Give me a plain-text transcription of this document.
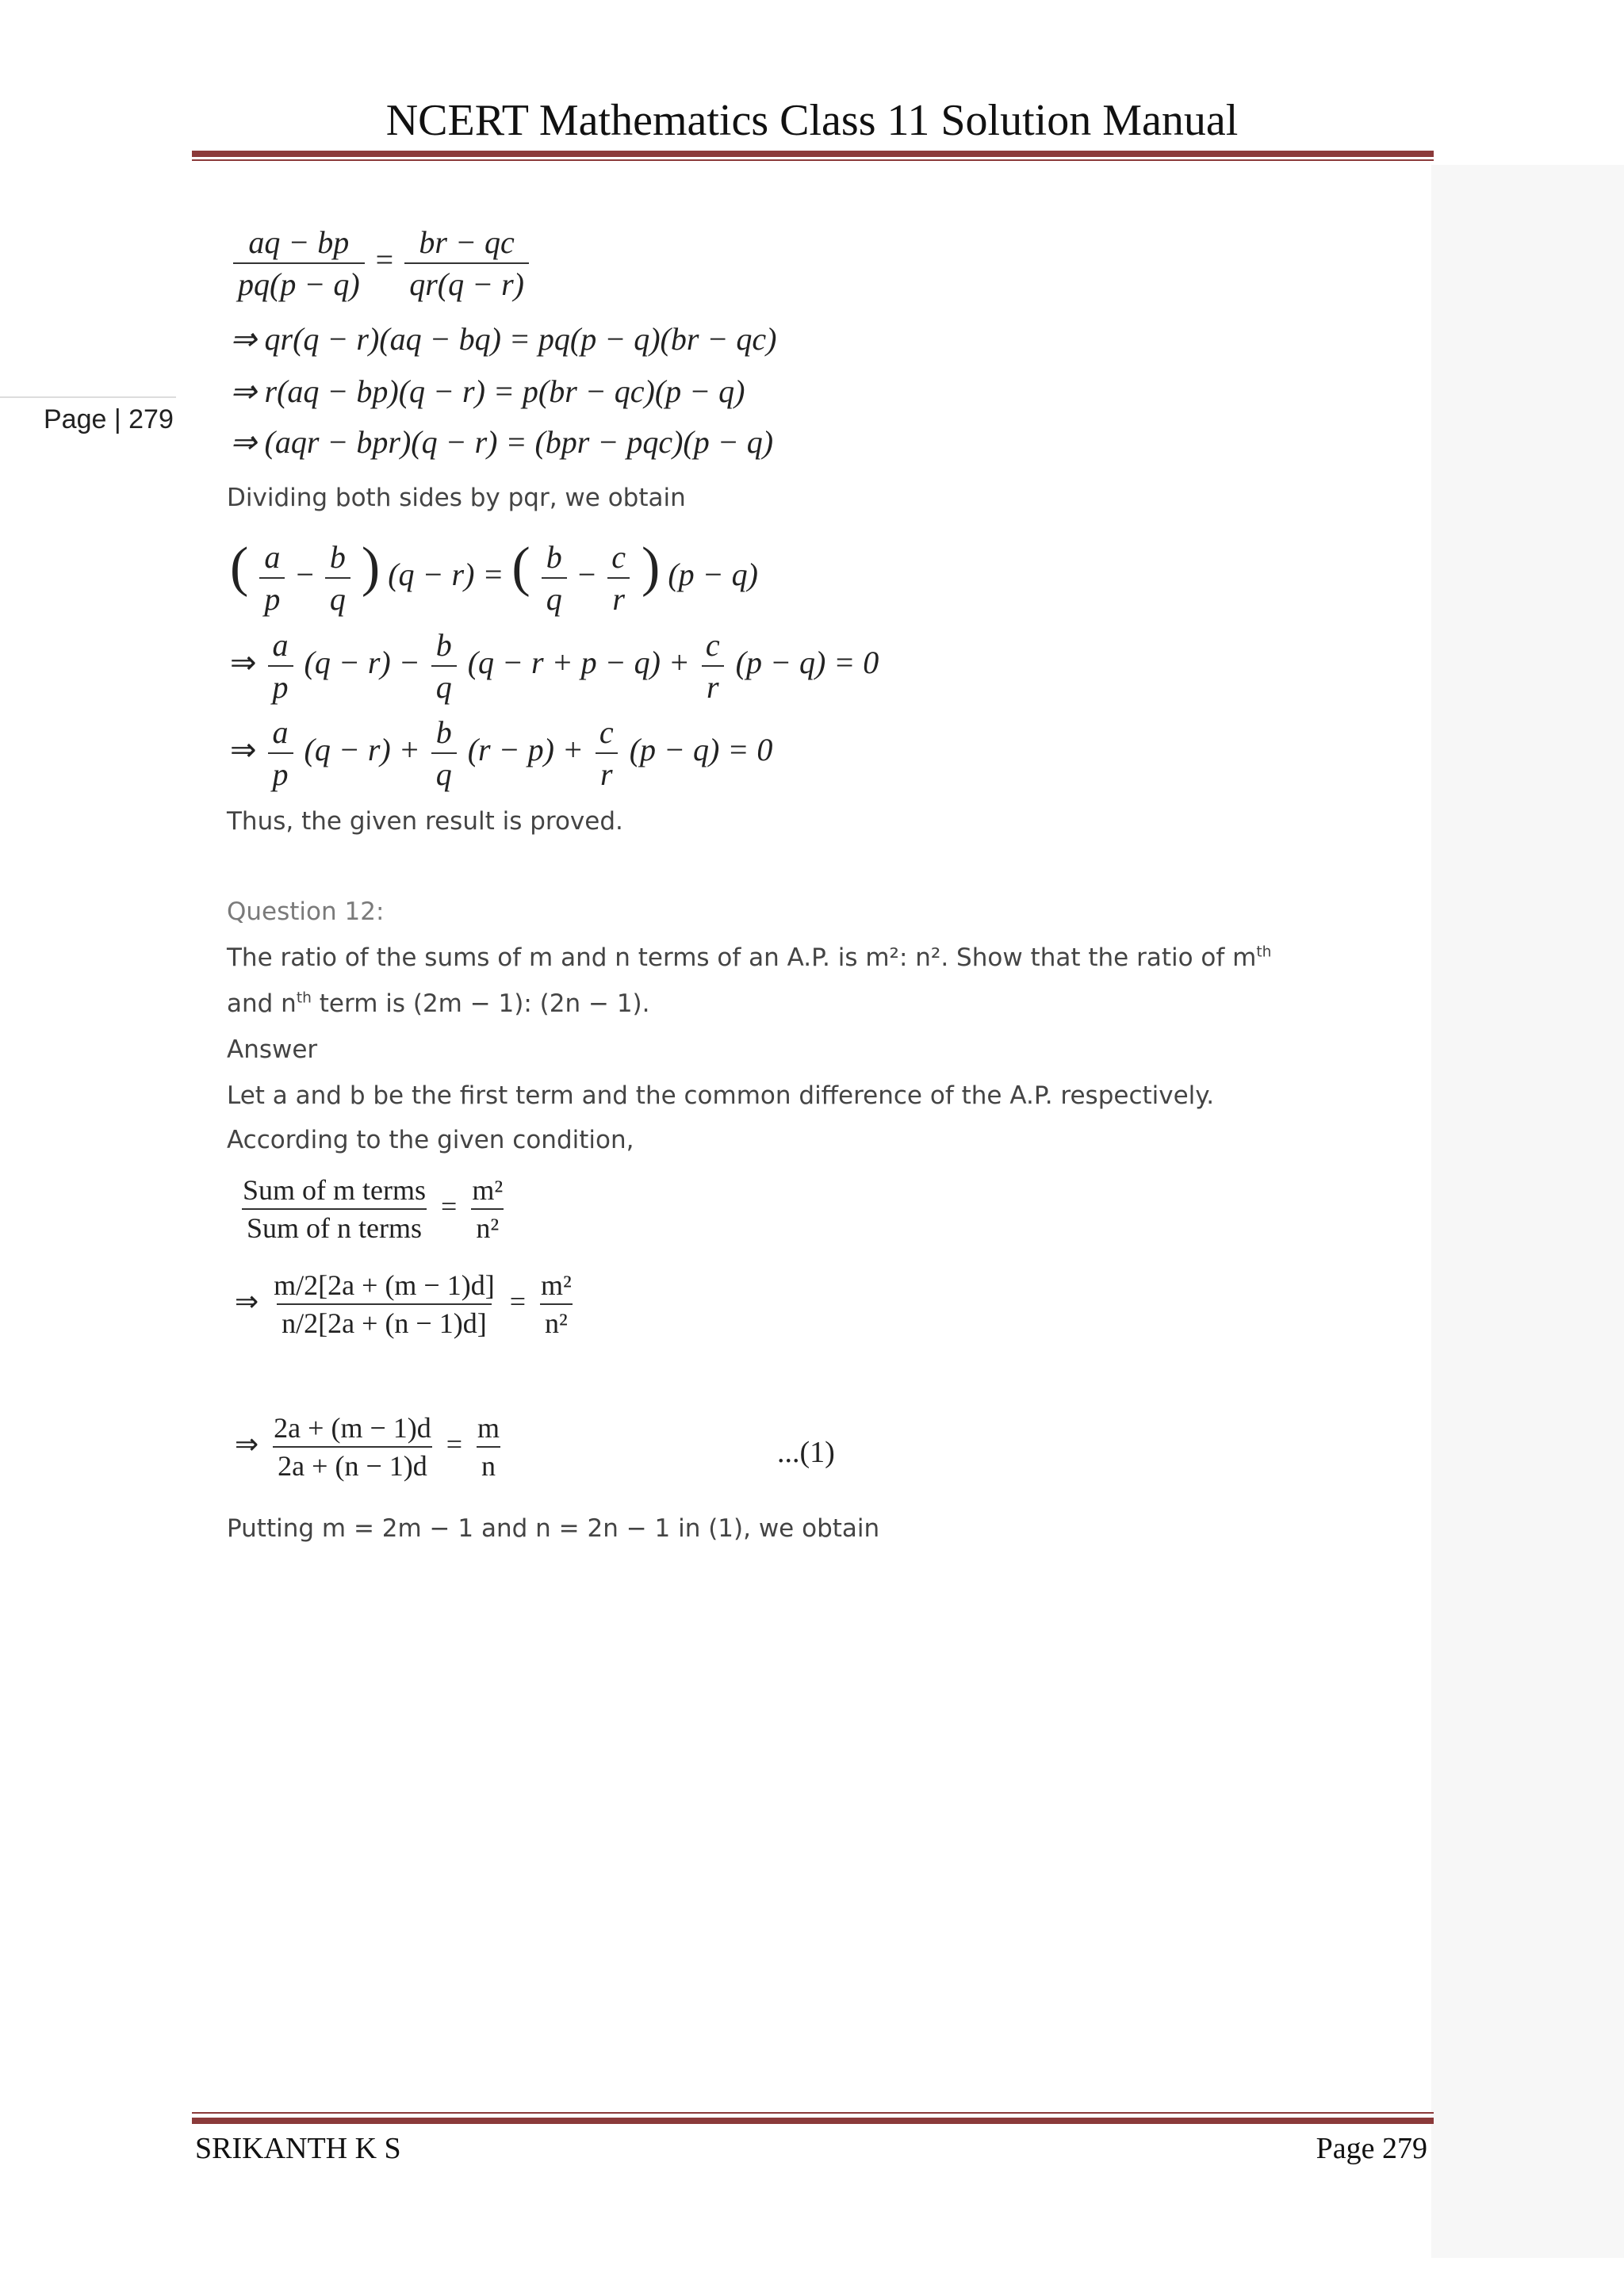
NCERT Mathematics Class 11 Solution Manual
Page | 279
$\frac{aq - bp}{pq(p - q)} = \frac{br - qc}{qr(q - r)}$
⇒ qr(q − r)(aq − bq) = pq(p − q)(br − qc)
⇒ r(aq − bp)(q − r) = p(br − qc)(p − q)
⇒ (aqr − bpr)(q − r) = (bpr − pqc)(p − q)
Dividing both sides by pqr, we obtain
( $\frac{a}{p} - \frac{b}{q}$ ) (q − r) = ( $\frac{b}{q} - \frac{c}{r}$ ) (p − q)
⇒ $\frac{a}{p} (q - r) - \frac{b}{q} (q - r + p - q) + \frac{c}{r} (p - q) = 0$
⇒ $\frac{a}{p} (q - r) + \frac{b}{q} (r - p) + \frac{c}{r} (p - q) = 0$
Thus, the given result is proved.
Question 12:
The ratio of the sums of m and n terms of an A.P. is m²: n². Show that the ratio of $m^{th}$
and $n^{th}$ term is (2m − 1): (2n − 1).
Answer
Let a and b be the first term and the common difference of the A.P. respectively.
According to the given condition,
$\frac{\text{Sum of m terms}}{\text{Sum of n terms}} = \frac{\text{m²}}{\text{n²}}$
⇒ $\frac{m/2[2a + (m - 1)d]}{n/2[2a + (n - 1)d]} = \frac{\text{m²}}{\text{n²}}$
⇒ $\frac{2a + (m - 1)d}{2a + (n - 1)d} = \frac{m}{n}$	...(1)
Putting m = 2m − 1 and n = 2n − 1 in (1), we obtain
SRIKANTH K S	Page 279
